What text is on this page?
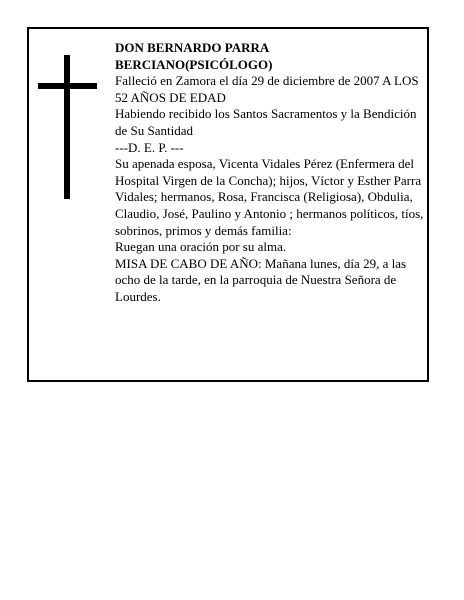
DON BERNARDO PARRA BERCIANO(PSICÓLOGO)

Falleció en Zamora el día 29 de diciembre de 2007 A LOS 52 AÑOS DE EDAD

Habiendo recibido los Santos Sacramentos y la Bendición de Su Santidad

---D. E. P. ---

Su apenada esposa, Vicenta Vidales Pérez (Enfermera del Hospital Virgen de la Concha); hijos, Víctor y Esther Parra Vidales; hermanos, Rosa, Francisca (Religiosa), Obdulia, Claudio, José, Paulino y Antonio ; hermanos políticos, tíos, sobrinos, primos y demás familia:

Ruegan una oración por su alma.

MISA DE CABO DE AÑO: Mañana lunes, día 29, a las ocho de la tarde, en la parroquia de Nuestra Señora de Lourdes.
